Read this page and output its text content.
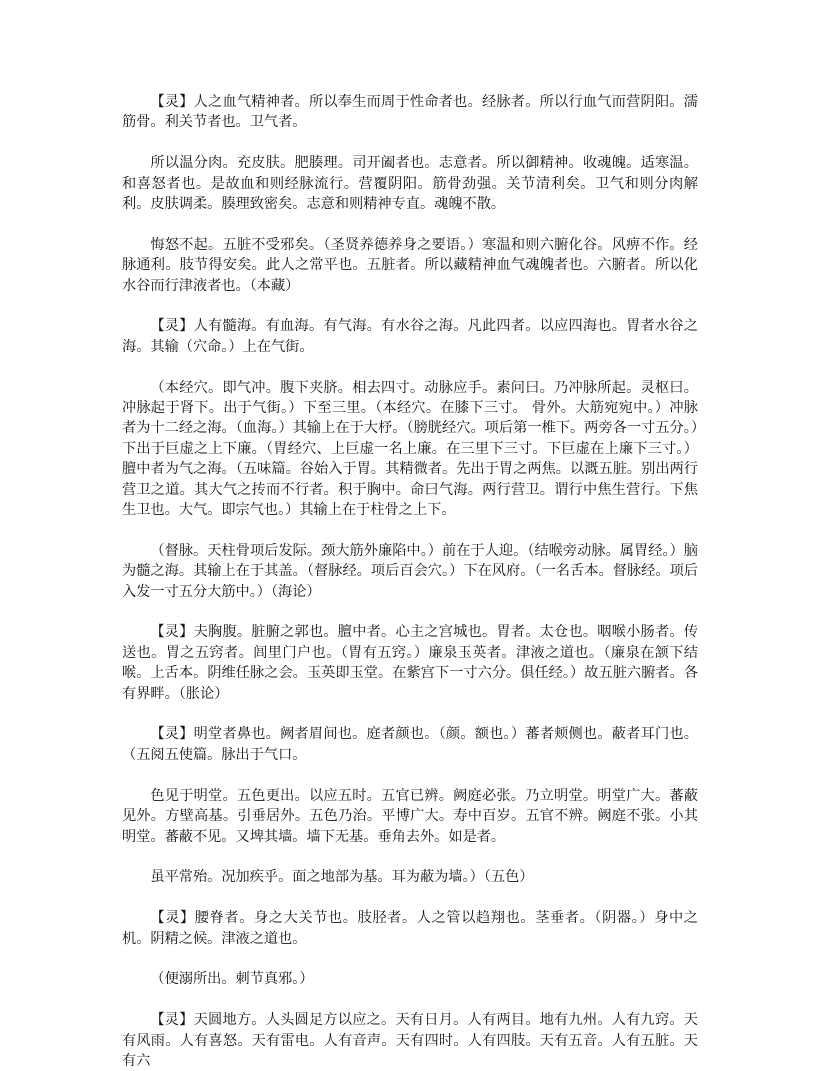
【灵】人之血气精神者。所以奉生而周于性命者也。经脉者。所以行血气而营阴阳。濡筋骨。利关节者也。卫气者。

所以温分肉。充皮肤。肥腠理。司开阖者也。志意者。所以御精神。收魂魄。适寒温。和喜怒者也。是故血和则经脉流行。营覆阴阳。筋骨劲强。关节清利矣。卫气和则分肉解利。皮肤调柔。腠理致密矣。志意和则精神专直。魂魄不散。

悔怒不起。五脏不受邪矣。（圣贤养德养身之要语。）寒温和则六腑化谷。风痹不作。经脉通利。肢节得安矣。此人之常平也。五脏者。所以藏精神血气魂魄者也。六腑者。所以化水谷而行津液者也。（本藏）

【灵】人有髓海。有血海。有气海。有水谷之海。凡此四者。以应四海也。胃者水谷之海。其输（穴命。）上在气街。

（本经穴。即气冲。腹下夹脐。相去四寸。动脉应手。素问曰。乃冲脉所起。灵枢曰。冲脉起于肾下。出于气街。）下至三里。（本经穴。在膝下三寸。 骨外。大筋宛宛中。）冲脉者为十二经之海。（血海。）其输上在于大杼。（膀胱经穴。项后第一椎下。两旁各一寸五分。）下出于巨虚之上下廉。（胃经穴、上巨虚一名上廉。在三里下三寸。下巨虚在上廉下三寸。）膻中者为气之海。（五味篇。谷始入于胃。其精微者。先出于胃之两焦。以溉五脏。别出两行营卫之道。其大气之抟而不行者。积于胸中。命曰气海。两行营卫。谓行中焦生营行。下焦生卫也。大气。即宗气也。）其输上在于柱骨之上下。

（督脉。天柱骨项后发际。颈大筋外廉陷中。）前在于人迎。（结喉旁动脉。属胃经。）脑为髓之海。其输上在于其盖。（督脉经。项后百会穴。）下在风府。（一名舌本。督脉经。项后入发一寸五分大筋中。）（海论）

【灵】夫胸腹。脏腑之郭也。膻中者。心主之宫城也。胃者。太仓也。咽喉小肠者。传送也。胃之五窍者。闾里门户也。（胃有五窍。）廉泉玉英者。津液之道也。（廉泉在颔下结喉。上舌本。阴维任脉之会。玉英即玉堂。在紫宫下一寸六分。俱任经。）故五脏六腑者。各有界畔。（胀论）

【灵】明堂者鼻也。阙者眉间也。庭者颜也。（颜。额也。）蕃者颊侧也。蔽者耳门也。（五阅五使篇。脉出于气口。

色见于明堂。五色更出。以应五时。五官已辨。阙庭必张。乃立明堂。明堂广大。蕃蔽见外。方壁高基。引垂居外。五色乃治。平博广大。寿中百岁。五官不辨。阙庭不张。小其明堂。蕃蔽不见。又埤其墙。墙下无基。垂角去外。如是者。

虽平常殆。况加疾乎。面之地部为基。耳为蔽为墙。）（五色）

【灵】腰脊者。身之大关节也。肢胫者。人之管以趋翔也。茎垂者。（阴器。）身中之机。阴精之候。津液之道也。

（便溺所出。刺节真邪。）

【灵】天圆地方。人头圆足方以应之。天有日月。人有两目。地有九州。人有九窍。天有风雨。人有喜怒。天有雷电。人有音声。天有四时。人有四肢。天有五音。人有五脏。天有六
